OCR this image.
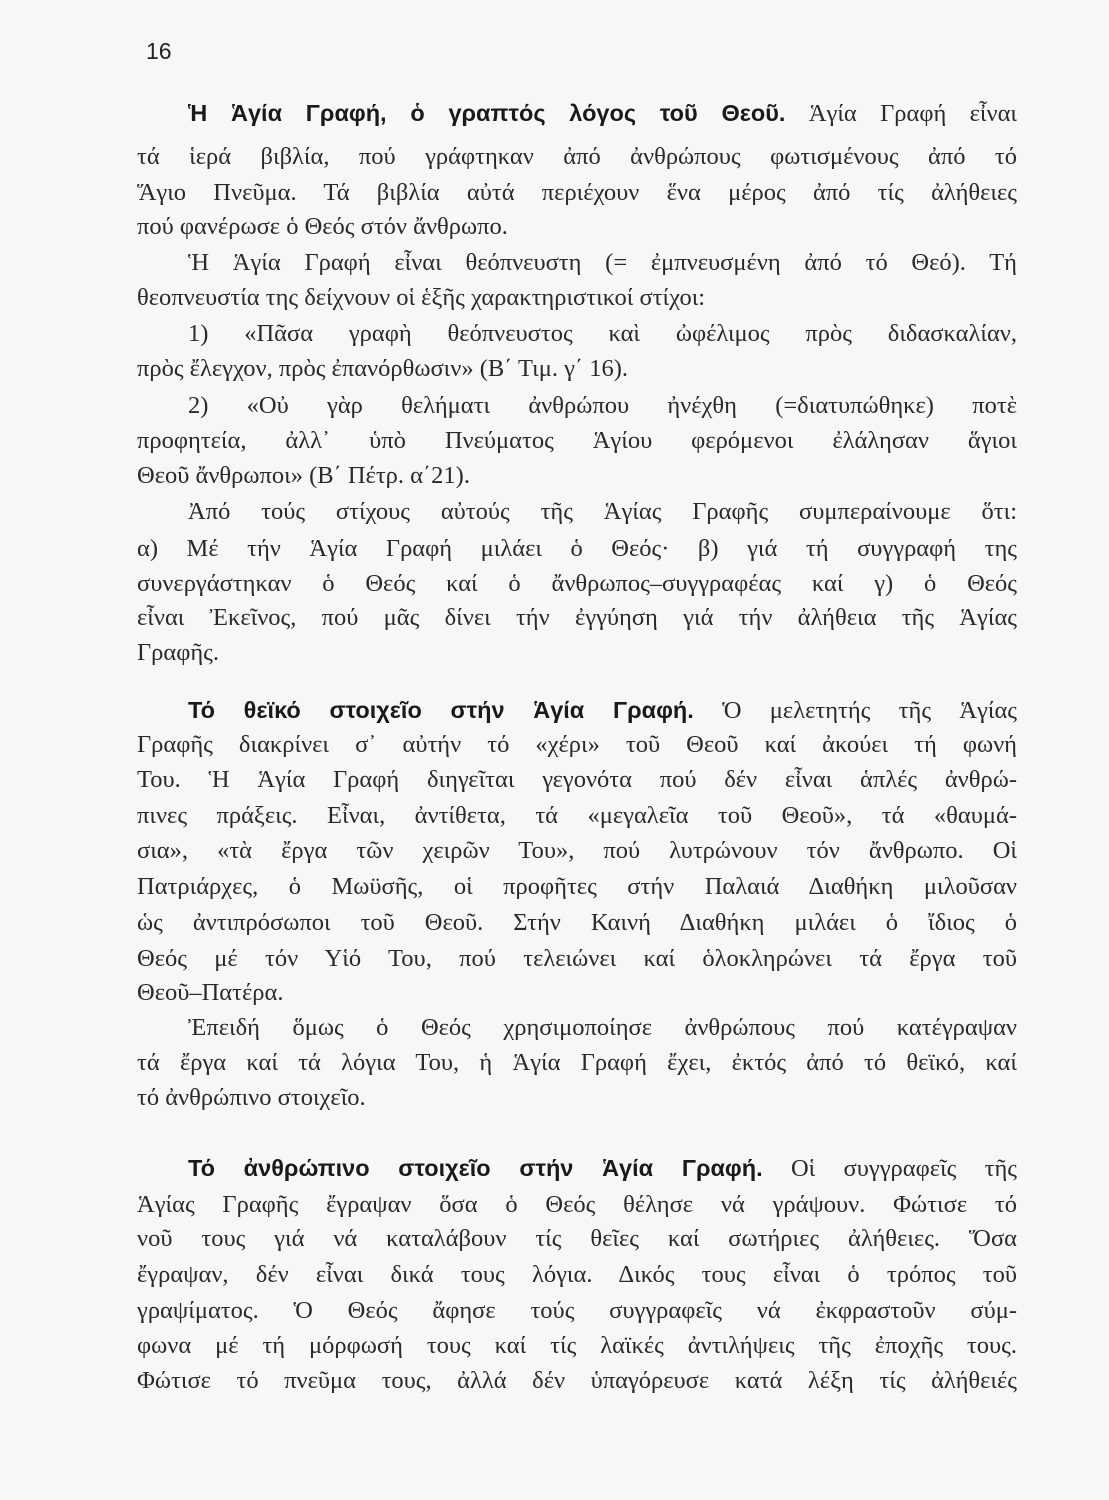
16
Ἡ Ἁγία Γραφή, ὁ γραπτός λόγος τοῦ Θεοῦ. Ἁγία Γραφή εἶναι
τά ἱερά βιβλία, πού γράφτηκαν ἀπό ἀνθρώπους φωτισμένους ἀπό τό
Ἅγιο Πνεῦμα. Τά βιβλία αὐτά περιέχουν ἕνα μέρος ἀπό τίς ἀλήθειες
πού φανέρωσε ὁ Θεός στόν ἄνθρωπο.
Ἡ Ἁγία Γραφή εἶναι θεόπνευστη (= ἐμπνευσμένη ἀπό τό Θεό). Τή
θεοπνευστία της δείχνουν οἱ ἑξῆς χαρακτηριστικοί στίχοι:
1) «Πᾶσα γραφὴ θεόπνευστος καὶ ὠφέλιμος πρὸς διδασκαλίαν,
πρὸς ἔλεγχον, πρὸς ἐπανόρθωσιν» (Β΄ Τιμ. γ΄ 16).
2) «Οὐ γὰρ θελήματι ἀνθρώπου ἠνέχθη (=διατυπώθηκε) ποτὲ
προφητεία, ἀλλ᾽ ὑπὸ Πνεύματος Ἁγίου φερόμενοι ἐλάλησαν ἅγιοι
Θεοῦ ἄνθρωποι» (Β΄ Πέτρ. α΄21).
Ἀπό τούς στίχους αὐτούς τῆς Ἁγίας Γραφῆς συμπεραίνουμε ὅτι:
α) Μέ τήν Ἁγία Γραφή μιλάει ὁ Θεός· β) γιά τή συγγραφή της
συνεργάστηκαν ὁ Θεός καί ὁ ἄνθρωπος–συγγραφέας καί γ) ὁ Θεός
εἶναι Ἐκεῖνος, πού μᾶς δίνει τήν ἐγγύηση γιά τήν ἀλήθεια τῆς Ἁγίας
Γραφῆς.
Τό θεϊκό στοιχεῖο στήν Ἁγία Γραφή. Ὁ μελετητής τῆς Ἁγίας
Γραφῆς διακρίνει σ᾽ αὐτήν τό «χέρι» τοῦ Θεοῦ καί ἀκούει τή φωνή
Του. Ἡ Ἁγία Γραφή διηγεῖται γεγονότα πού δέν εἶναι ἁπλές ἀνθρώ-
πινες πράξεις. Εἶναι, ἀντίθετα, τά «μεγαλεῖα τοῦ Θεοῦ», τά «θαυμά-
σια», «τὰ ἔργα τῶν χειρῶν Του», πού λυτρώνουν τόν ἄνθρωπο. Οἱ
Πατριάρχες, ὁ Μωϋσῆς, οἱ προφῆτες στήν Παλαιά Διαθήκη μιλοῦσαν
ὡς ἀντιπρόσωποι τοῦ Θεοῦ. Στήν Καινή Διαθήκη μιλάει ὁ ἴδιος ὁ
Θεός μέ τόν Υἱό Του, πού τελειώνει καί ὁλοκληρώνει τά ἔργα τοῦ
Θεοῦ–Πατέρα.
Ἐπειδή ὅμως ὁ Θεός χρησιμοποίησε ἀνθρώπους πού κατέγραψαν
τά ἔργα καί τά λόγια Του, ἡ Ἁγία Γραφή ἔχει, ἐκτός ἀπό τό θεϊκό, καί
τό ἀνθρώπινο στοιχεῖο.
Τό ἀνθρώπινο στοιχεῖο στήν Ἁγία Γραφή. Οἱ συγγραφεῖς τῆς
Ἁγίας Γραφῆς ἔγραψαν ὅσα ὁ Θεός θέλησε νά γράψουν. Φώτισε τό
νοῦ τους γιά νά καταλάβουν τίς θεῖες καί σωτήριες ἀλήθειες. Ὅσα
ἔγραψαν, δέν εἶναι δικά τους λόγια. Δικός τους εἶναι ὁ τρόπος τοῦ
γραψίματος. Ὁ Θεός ἄφησε τούς συγγραφεῖς νά ἐκφραστοῦν σύμ-
φωνα μέ τή μόρφωσή τους καί τίς λαϊκές ἀντιλήψεις τῆς ἐποχῆς τους.
Φώτισε τό πνεῦμα τους, ἀλλά δέν ὑπαγόρευσε κατά λέξη τίς ἀλήθειές
